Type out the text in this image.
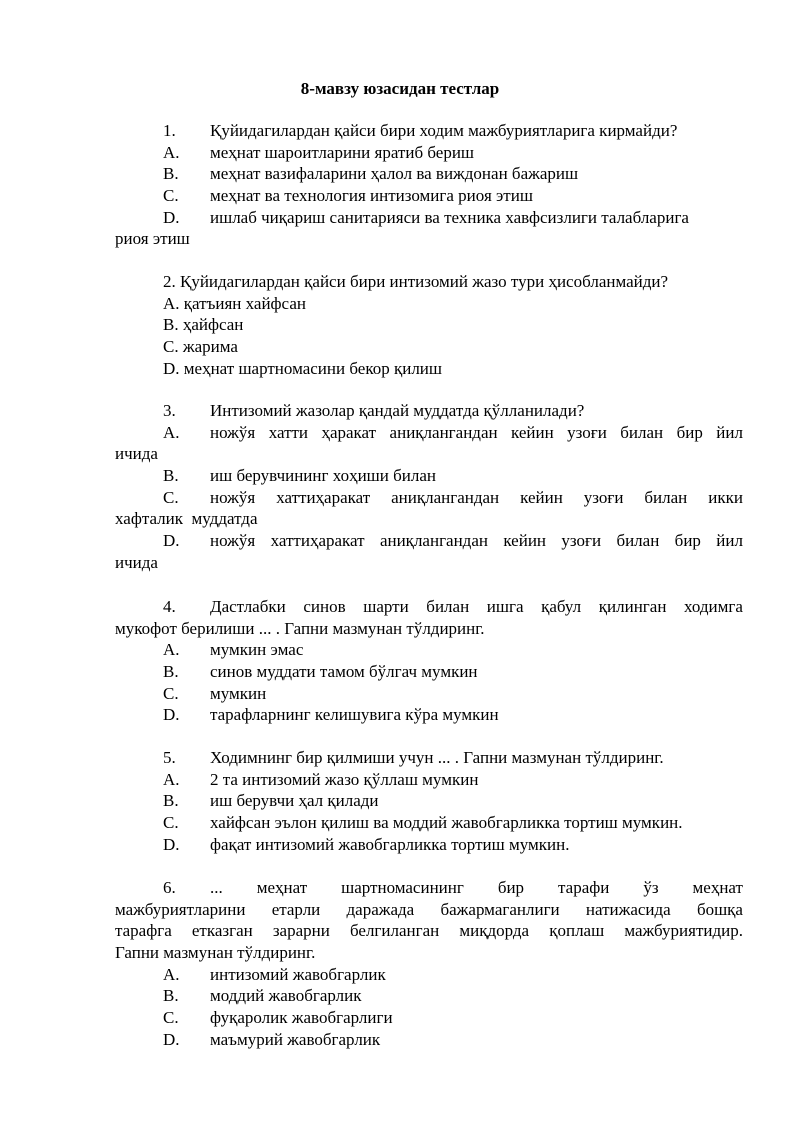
8-мавзу юзасидан тестлар
1. Қуйидагилардан қайси бири ходим мажбуриятларига кирмайди?
A. меҳнат шароитларини яратиб бериш
B. меҳнат вазифаларини ҳалол ва виждонан бажариш
C. меҳнат ва технология интизомига риоя этиш
D. ишлаб чиқариш санитарияси ва техника хавфсизлиги талабларига
риоя этиш
2. Қуйидагилардан қайси бири интизомий жазо тури ҳисобланмайди?
A. қатъиян хайфсан
B. ҳайфсан
C. жарима
D. меҳнат шартномасини бекор қилиш
3. Интизомий жазолар қандай муддатда қўлланилади?
A. ножўя хатти ҳаракат аниқлангандан кейин узоғи билан бир йил
ичида
B. иш берувчининг хоҳиши билан
C. ножўя хаттиҳаракат аниқлангандан кейин узоғи билан икки
хафталик  муддатда
D. ножўя хаттиҳаракат аниқлангандан кейин узоғи билан бир йил
ичида
4. Дастлабки синов шарти билан ишга қабул қилинган ходимга
мукофот берилиши ... . Гапни мазмунан тўлдиринг.
A. мумкин эмас
B. синов муддати тамом бўлгач мумкин
C. мумкин
D. тарафларнинг келишувига кўра мумкин
5. Ходимнинг бир қилмиши учун ... . Гапни мазмунан тўлдиринг.
A. 2 та интизомий жазо қўллаш мумкин
B. иш берувчи ҳал қилади
C. хайфсан эълон қилиш ва моддий жавобгарликка тортиш мумкин.
D. фақат интизомий жавобгарликка тортиш мумкин.
6. ... меҳнат шартномасининг бир тарафи ўз меҳнат
мажбуриятларини етарли даражада бажармаганлиги натижасида бошқа
тарафга етказган зарарни белгиланган миқдорда қоплаш мажбуриятидир.
Гапни мазмунан тўлдиринг.
A. интизомий жавобгарлик
B. моддий жавобгарлик
C. фуқаролик жавобгарлиги
D. маъмурий жавобгарлик
